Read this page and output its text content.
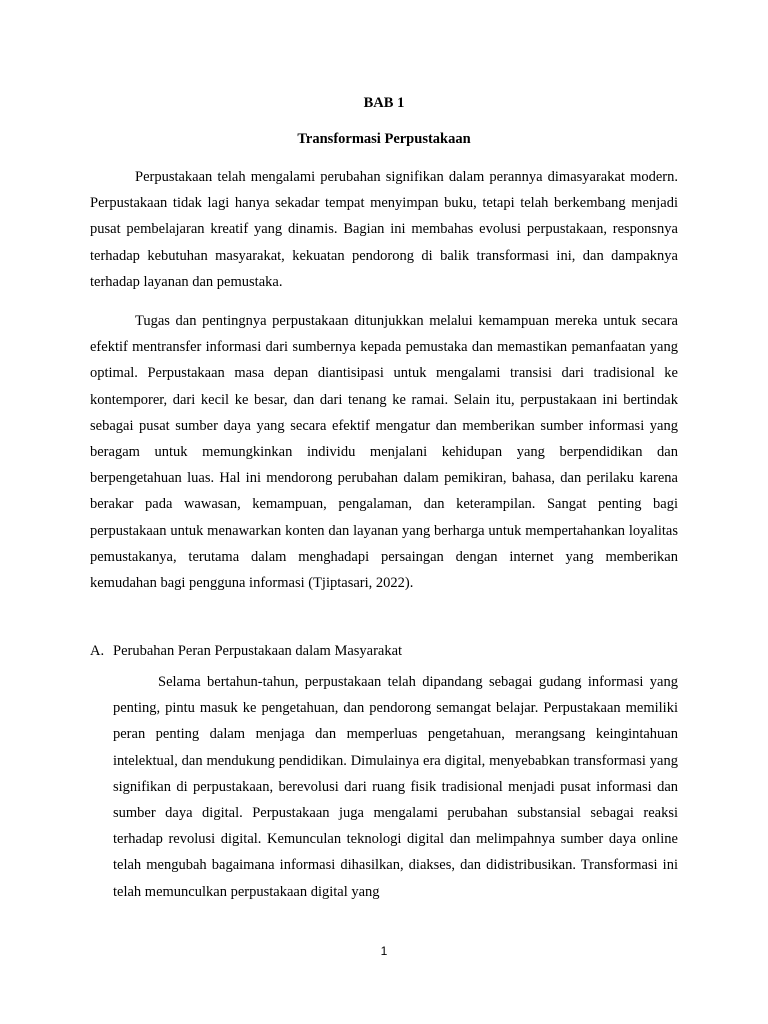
BAB 1

Transformasi Perpustakaan

Perpustakaan telah mengalami perubahan signifikan dalam perannya dimasyarakat modern. Perpustakaan tidak lagi hanya sekadar tempat menyimpan buku, tetapi telah berkembang menjadi pusat pembelajaran kreatif yang dinamis. Bagian ini membahas evolusi perpustakaan, responsnya terhadap kebutuhan masyarakat, kekuatan pendorong di balik transformasi ini, dan dampaknya terhadap layanan dan pemustaka.

Tugas dan pentingnya perpustakaan ditunjukkan melalui kemampuan mereka untuk secara efektif mentransfer informasi dari sumbernya kepada pemustaka dan memastikan pemanfaatan yang optimal. Perpustakaan masa depan diantisipasi untuk mengalami transisi dari tradisional ke kontemporer, dari kecil ke besar, dan dari tenang ke ramai. Selain itu, perpustakaan ini bertindak sebagai pusat sumber daya yang secara efektif mengatur dan memberikan sumber informasi yang beragam untuk memungkinkan individu menjalani kehidupan yang berpendidikan dan berpengetahuan luas. Hal ini mendorong perubahan dalam pemikiran, bahasa, dan perilaku karena berakar pada wawasan, kemampuan, pengalaman, dan keterampilan. Sangat penting bagi perpustakaan untuk menawarkan konten dan layanan yang berharga untuk mempertahankan loyalitas pemustakanya, terutama dalam menghadapi persaingan dengan internet yang memberikan kemudahan bagi pengguna informasi (Tjiptasari, 2022).

A. Perubahan Peran Perpustakaan dalam Masyarakat

Selama bertahun-tahun, perpustakaan telah dipandang sebagai gudang informasi yang penting, pintu masuk ke pengetahuan, dan pendorong semangat belajar. Perpustakaan memiliki peran penting dalam menjaga dan memperluas pengetahuan, merangsang keingintahuan intelektual, dan mendukung pendidikan. Dimulainya era digital, menyebabkan transformasi yang signifikan di perpustakaan, berevolusi dari ruang fisik tradisional menjadi pusat informasi dan sumber daya digital. Perpustakaan juga mengalami perubahan substansial sebagai reaksi terhadap revolusi digital. Kemunculan teknologi digital dan melimpahnya sumber daya online telah mengubah bagaimana informasi dihasilkan, diakses, dan didistribusikan. Transformasi ini telah memunculkan perpustakaan digital yang

1
